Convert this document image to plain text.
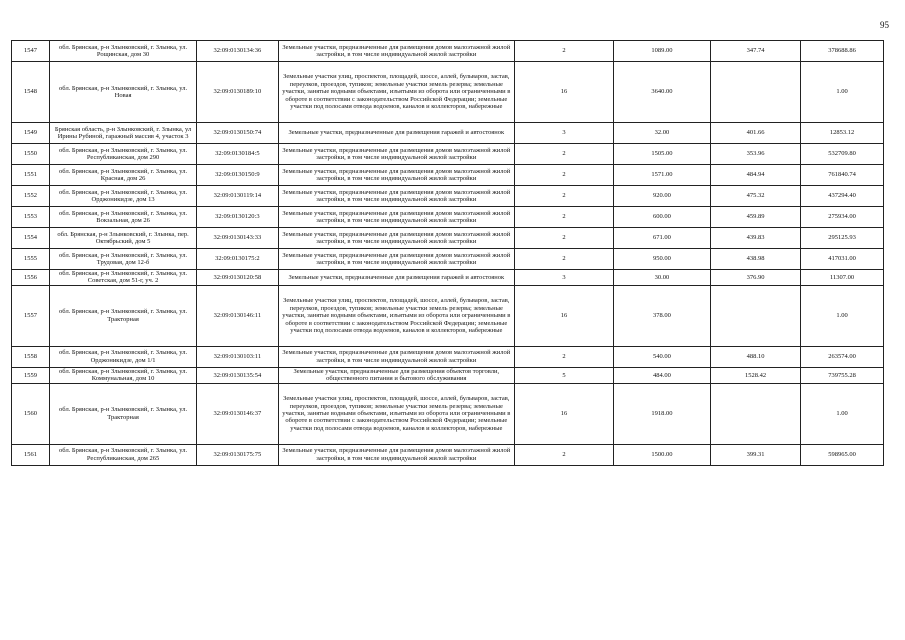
95
1547	обл. Брянская, р-н Злынковский, г. Злынка, ул. Рощинская, дом 30	32:09:0130134:36	Земельные участки, предназначенные для размещения домов малоэтажной жилой застройки, в том числе индивидуальной жилой застройки	2	1089.00	347.74	378688.86
1548	обл. Брянская, р-н Злынковский, г. Злынка, ул. Новая	32:09:0130189:10	Земельные участки улиц, проспектов, площадей, шоссе, аллей, бульваров, застав, переулков, проездов, тупиков; земельные участки земель резерва; земельные участки, занятые водными объектами, изъятыми из оборота или ограниченными в обороте в соответствии с законодательством Российской Федерации; земельные участки под полосами отвода водоемов, каналов и коллекторов, набережные	16	3640.00		1.00
1549	Брянская область, р-н Злынковский, г. Злынка, ул Ирины Рубиной, гаражный массив 4, участок 3	32:09:0130150:74	Земельные участки, предназначенные для размещения гаражей и автостоянок	3	32.00	401.66	12853.12
1550	обл. Брянская, р-н Злынковский, г. Злынка, ул. Республиканская, дом 290	32:09:0130184:5	Земельные участки, предназначенные для размещения домов малоэтажной жилой застройки, в том числе индивидуальной жилой застройки	2	1505.00	353.96	532709.80
1551	обл. Брянская, р-н Злынковский, г. Злынка, ул. Красная, дом 26	32:09:0130150:9	Земельные участки, предназначенные для размещения домов малоэтажной жилой застройки, в том числе индивидуальной жилой застройки	2	1571.00	484.94	761840.74
1552	обл. Брянская, р-н Злынковский, г. Злынка, ул. Орджоникидзе, дом 13	32:09:0130119:14	Земельные участки, предназначенные для размещения домов малоэтажной жилой застройки, в том числе индивидуальной жилой застройки	2	920.00	475.32	437294.40
1553	обл. Брянская, р-н Злынковский, г. Злынка, ул. Вокзальная, дом 26	32:09:0130120:3	Земельные участки, предназначенные для размещения домов малоэтажной жилой застройки, в том числе индивидуальной жилой застройки	2	600.00	459.89	275934.00
1554	обл. Брянская, р-н Злынковский, г. Злынка, пер. Октябрьский, дом 5	32:09:0130143:33	Земельные участки, предназначенные для размещения домов малоэтажной жилой застройки, в том числе индивидуальной жилой застройки	2	671.00	439.83	295125.93
1555	обл. Брянская, р-н Злынковский, г. Злынка, ул. Трудовая, дом 12-б	32:09:0130175:2	Земельные участки, предназначенные для размещения домов малоэтажной жилой застройки, в том числе индивидуальной жилой застройки	2	950.00	438.98	417031.00
1556	обл. Брянская, р-н Злынковский, г. Злынка, ул. Советская, дом 51-г, уч. 2	32:09:0130120:58	Земельные участки, предназначенные для размещения гаражей и автостоянок	3	30.00	376.90	11307.00
1557	обл. Брянская, р-н Злынковский, г. Злынка, ул. Тракторная	32:09:0130146:11	Земельные участки улиц, проспектов, площадей, шоссе, аллей, бульваров, застав, переулков, проездов, тупиков; земельные участки земель резерва; земельные участки, занятые водными объектами, изъятыми из оборота или ограниченными в обороте в соответствии с законодательством Российской Федерации; земельные участки под полосами отвода водоемов, каналов и коллекторов, набережные	16	378.00		1.00
1558	обл. Брянская, р-н Злынковский, г. Злынка, ул. Орджоникидзе, дом 1/1	32:09:0130103:11	Земельные участки, предназначенные для размещения домов малоэтажной жилой застройки, в том числе индивидуальной жилой застройки	2	540.00	488.10	263574.00
1559	обл. Брянская, р-н Злынковский, г. Злынка, ул. Коммунальная, дом 10	32:09:0130135:54	Земельные участки, предназначенные для размещения объектов торговли, общественного питания и бытового обслуживания	5	484.00	1528.42	739755.28
1560	обл. Брянская, р-н Злынковский, г. Злынка, ул. Тракторная	32:09:0130146:37	Земельные участки улиц, проспектов, площадей, шоссе, аллей, бульваров, застав, переулков, проездов, тупиков; земельные участки земель резерва; земельные участки, занятые водными объектами, изъятыми из оборота или ограниченными в обороте в соответствии с законодательством Российской Федерации; земельные участки под полосами отвода водоемов, каналов и коллекторов, набережные	16	1918.00		1.00
1561	обл. Брянская, р-н Злынковский, г. Злынка, ул. Республиканская, дом 265	32:09:0130175:75	Земельные участки, предназначенные для размещения домов малоэтажной жилой застройки, в том числе индивидуальной жилой застройки	2	1500.00	399.31	598965.00
